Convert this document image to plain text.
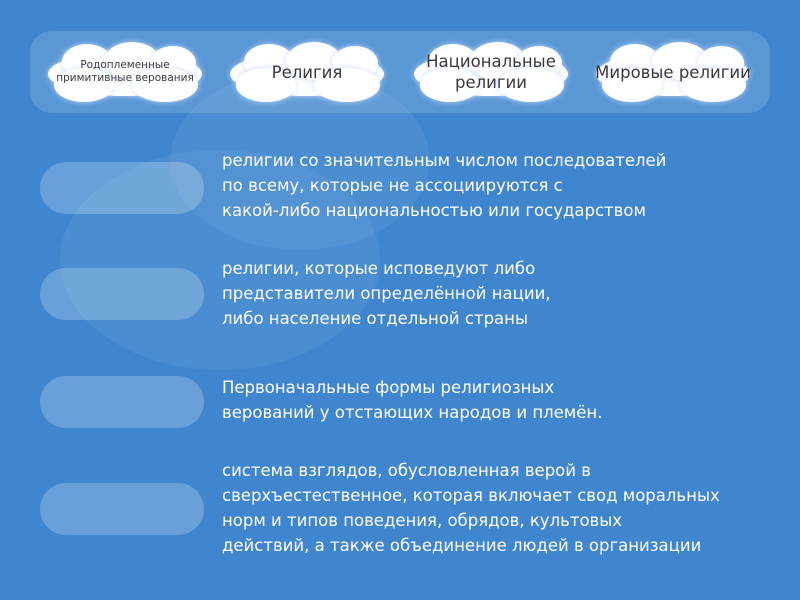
Родоплеменные примитивные верования	Религия
Национальные религии
Мировые религии
религии со значительным числом последователей
по всему, которые не ассоциируются с
какой-либо национальностью или государством
религии, которые исповедуют либо
представители определённой нации,
либо население отдельной страны
Первоначальные формы религиозных
верований у отстающих народов и племён.
система взглядов, обусловленная верой в
сверхъестественное, которая включает свод моральных
норм и типов поведения, обрядов, культовых
действий, а также объединение людей в организации
